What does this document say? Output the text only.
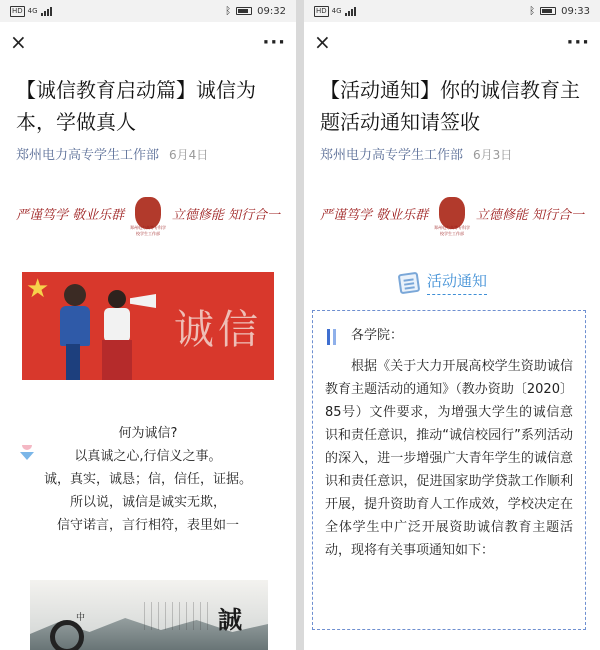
HD 4G	ᛒ	09:32
×	···
【诚信教育启动篇】诚信为本，学做真人
郑州电力高专学生工作部 6月4日
严谨笃学 敬业乐群
郑州电力高等专科学校学生工作部
立德修能 知行合一
★
诚信
何为诚信?
以真诚之心,行信义之事。
诚，真实，诚恳；信，信任，证据。
所以说，诚信是诚实无欺，
信守诺言，言行相符，表里如一
中	誠
HD 4G	ᛒ	09:33
×	···
【活动通知】你的诚信教育主题活动通知请签收
郑州电力高专学生工作部 6月3日
严谨笃学 敬业乐群
郑州电力高等专科学校学生工作部
立德修能 知行合一
活动通知
各学院：
根据《关于大力开展高校学生资助诚信教育主题活动的通知》（教办资助〔2020〕85号）文件要求，为增强大学生的诚信意识和责任意识，推动“诚信校园行”系列活动的深入，进一步增强广大青年学生的诚信意识和责任意识，促进国家助学贷款工作顺利开展，提升资助育人工作成效，学校决定在全体学生中广泛开展资助诚信教育主题活动，现将有关事项通知如下：
